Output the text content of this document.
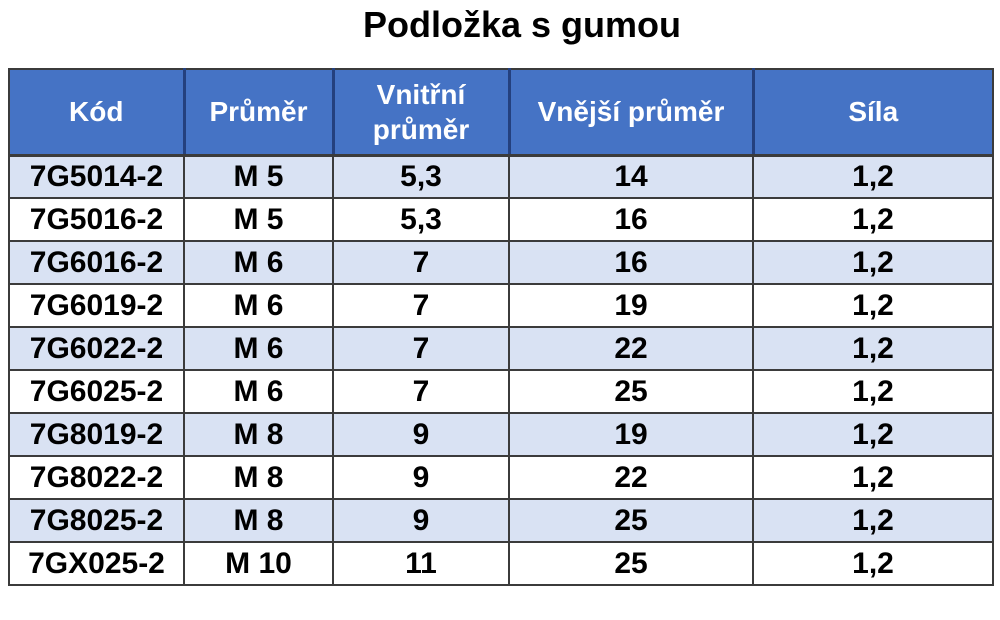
Podložka s gumou
Kód	Průměr	Vnitřní průměr	Vnější průměr	Síla
7G5014-2	M 5	5,3	14	1,2
7G5016-2	M 5	5,3	16	1,2
7G6016-2	M 6	7	16	1,2
7G6019-2	M 6	7	19	1,2
7G6022-2	M 6	7	22	1,2
7G6025-2	M 6	7	25	1,2
7G8019-2	M 8	9	19	1,2
7G8022-2	M 8	9	22	1,2
7G8025-2	M 8	9	25	1,2
7GX025-2	M 10	11	25	1,2
